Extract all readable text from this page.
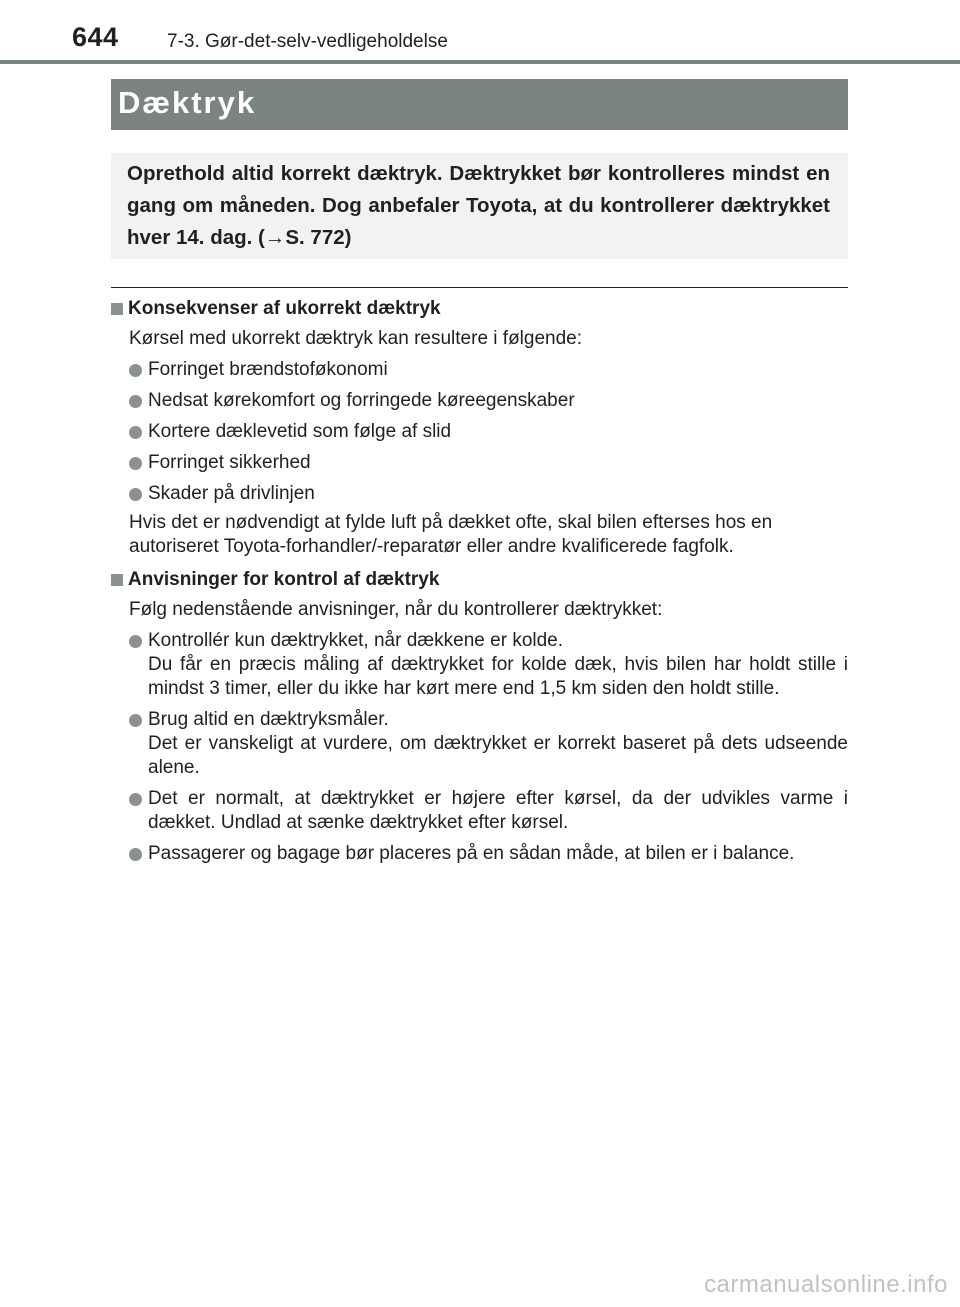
644	7-3. Gør-det-selv-vedligeholdelse
Dæktryk

Oprethold altid korrekt dæktryk. Dæktrykket bør kontrolleres mindst en gang om måneden. Dog anbefaler Toyota, at du kontrollerer dæktrykket hver 14. dag. (→S. 772)

Konsekvenser af ukorrekt dæktryk

Kørsel med ukorrekt dæktryk kan resultere i følgende:

Forringet brændstoføkonomi
Nedsat kørekomfort og forringede køreegenskaber
Kortere dæklevetid som følge af slid
Forringet sikkerhed
Skader på drivlinjen

Hvis det er nødvendigt at fylde luft på dækket ofte, skal bilen efterses hos en autoriseret Toyota-forhandler/-reparatør eller andre kvalificerede fagfolk.

Anvisninger for kontrol af dæktryk

Følg nedenstående anvisninger, når du kontrollerer dæktrykket:

Kontrollér kun dæktrykket, når dækkene er kolde.
Du får en præcis måling af dæktrykket for kolde dæk, hvis bilen har holdt stille i mindst 3 timer, eller du ikke har kørt mere end 1,5 km siden den holdt stille.
Brug altid en dæktryksmåler.
Det er vanskeligt at vurdere, om dæktrykket er korrekt baseret på dets udseende alene.
Det er normalt, at dæktrykket er højere efter kørsel, da der udvikles varme i dækket. Undlad at sænke dæktrykket efter kørsel.
Passagerer og bagage bør placeres på en sådan måde, at bilen er i balance.
carmanualsonline.info
